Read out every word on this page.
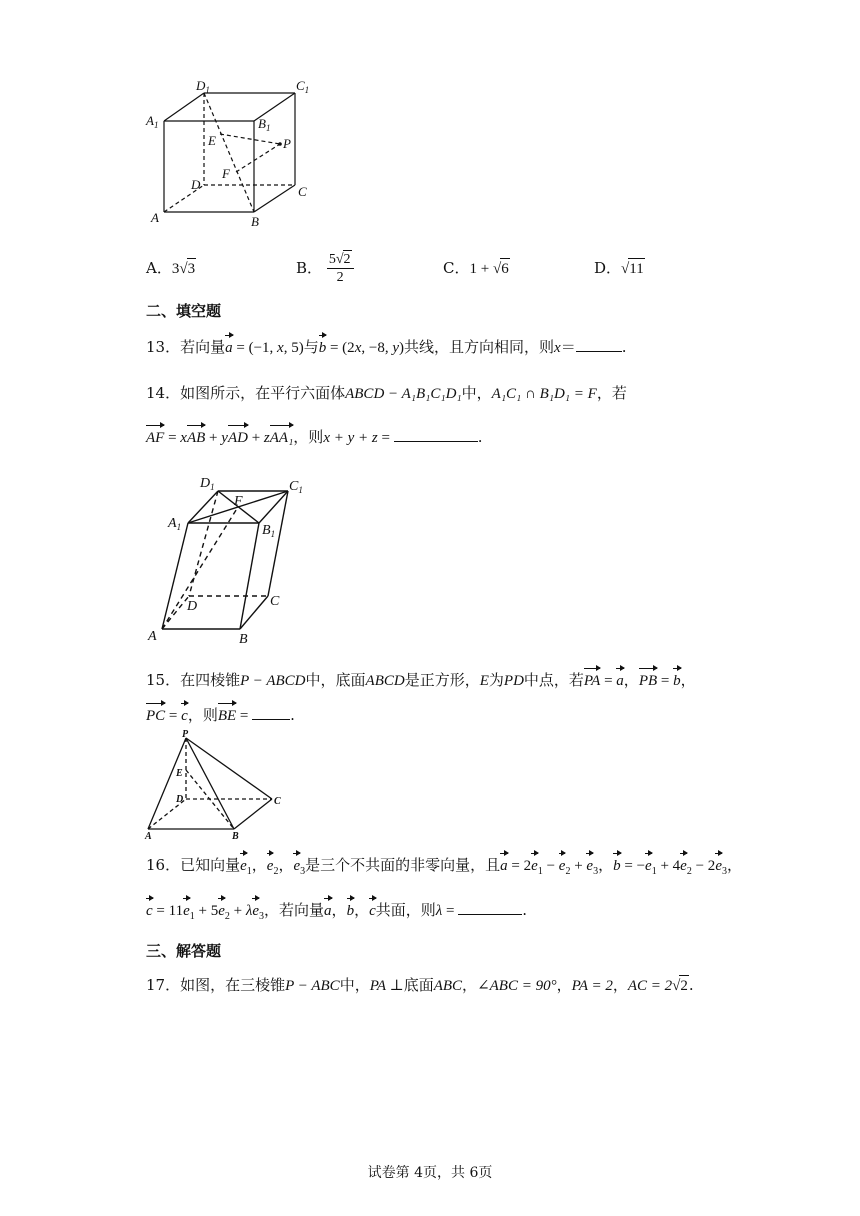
$D_1$	$C_1$
$A_1$	$B_1$
E	P
F
D	C
A	B
A．3√3	B． $\frac{5√2}{2}$	C．1 + √6	D．√11
二、填空题
13．若向量a = (−1, x, 5)与b = (2x, −8, y)共线，且方向相同，则x＝	.
14．如图所示，在平行六面体ABCD − A₁B₁C₁D₁中，A₁C₁ ∩ B₁D₁ = F，若
AF = xAB + yAD + zAA₁，则x + y + z =	.
$D_1$
F
$C_1$
$A_1$	$B_1$
D	C
A	B
15．在四棱锥P − ABCD中，底面ABCD是正方形，E为PD中点，若PA = a，PB = b，
PC = c，则BE =	.
P
E
D	C
A	B
16．已知向量$e_1$，$e_2$，$e_3$是三个不共面的非零向量，且$a = 2e_1 - e_2 + e_3$，$b = -e_1 + 4e_2 - 2e_3$，
$c = 11e_1 + 5e_2 + \lambda e_3$，若向量a，b，c共面，则λ =	.
三、解答题
17．如图，在三棱锥P − ABC中，PA ⊥底面ABC，∠ABC = 90°，PA = 2，AC = 2√2.
试卷第 4页，共 6页
